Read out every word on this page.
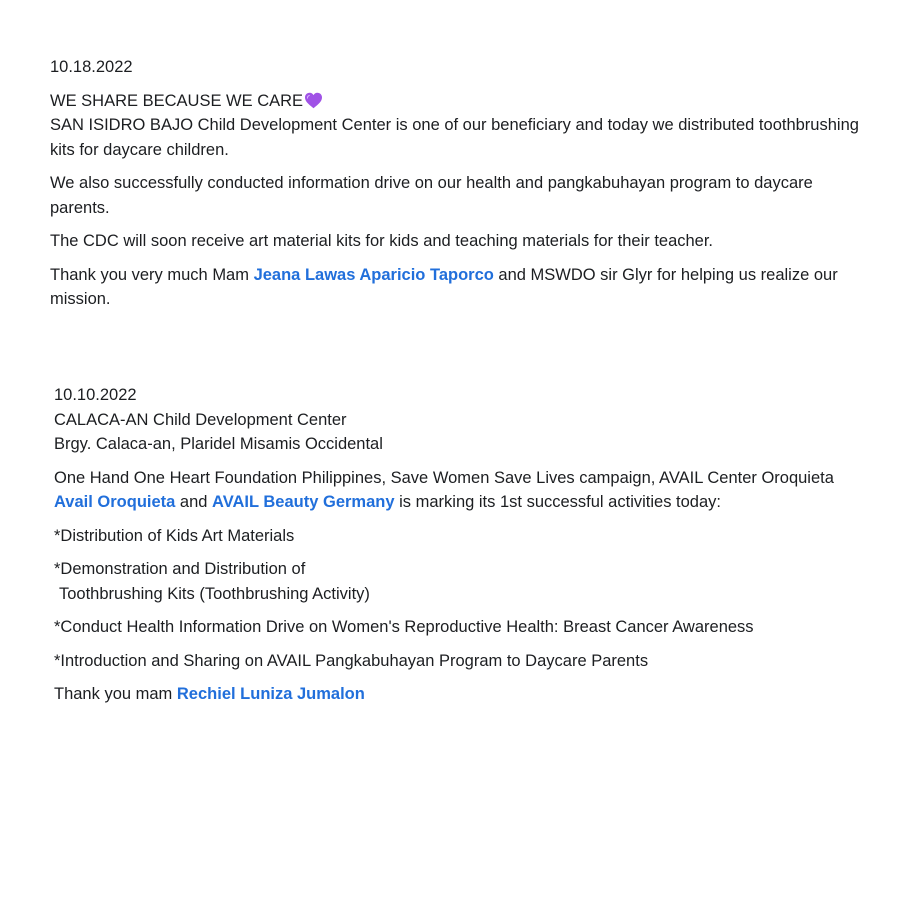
10.18.2022

WE SHARE BECAUSE WE CARE
SAN ISIDRO BAJO Child Development Center is one of our beneficiary and today we distributed toothbrushing kits for daycare children.

We also successfully conducted information drive on our health and pangkabuhayan program to daycare parents.

The CDC will soon receive art material kits for kids and teaching materials for their teacher.

Thank you very much Mam Jeana Lawas Aparicio Taporco and MSWDO sir Glyr for helping us realize our mission.

10.10.2022
CALACA-AN Child Development Center
Brgy. Calaca-an, Plaridel Misamis Occidental

One Hand One Heart Foundation Philippines, Save Women Save Lives campaign, AVAIL Center Oroquieta Avail Oroquieta and AVAIL Beauty Germany is marking its 1st successful activities today:

*Distribution of Kids Art Materials

*Demonstration and Distribution of
Toothbrushing Kits (Toothbrushing Activity)

*Conduct Health Information Drive on Women's Reproductive Health: Breast Cancer Awareness

*Introduction and Sharing on AVAIL Pangkabuhayan Program to Daycare Parents

Thank you mam Rechiel Luniza Jumalon
